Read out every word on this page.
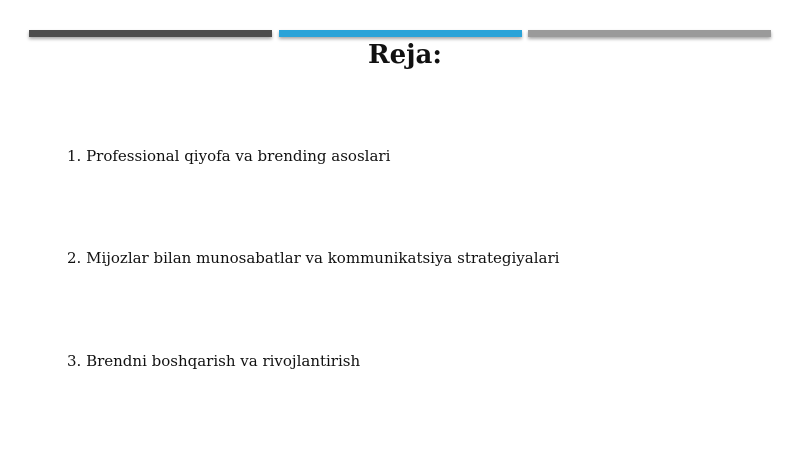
Reja:
1. Professional qiyofa va brending asoslari
2. Mijozlar bilan munosabatlar va kommunikatsiya strategiyalari
3. Brendni boshqarish va rivojlantirish
